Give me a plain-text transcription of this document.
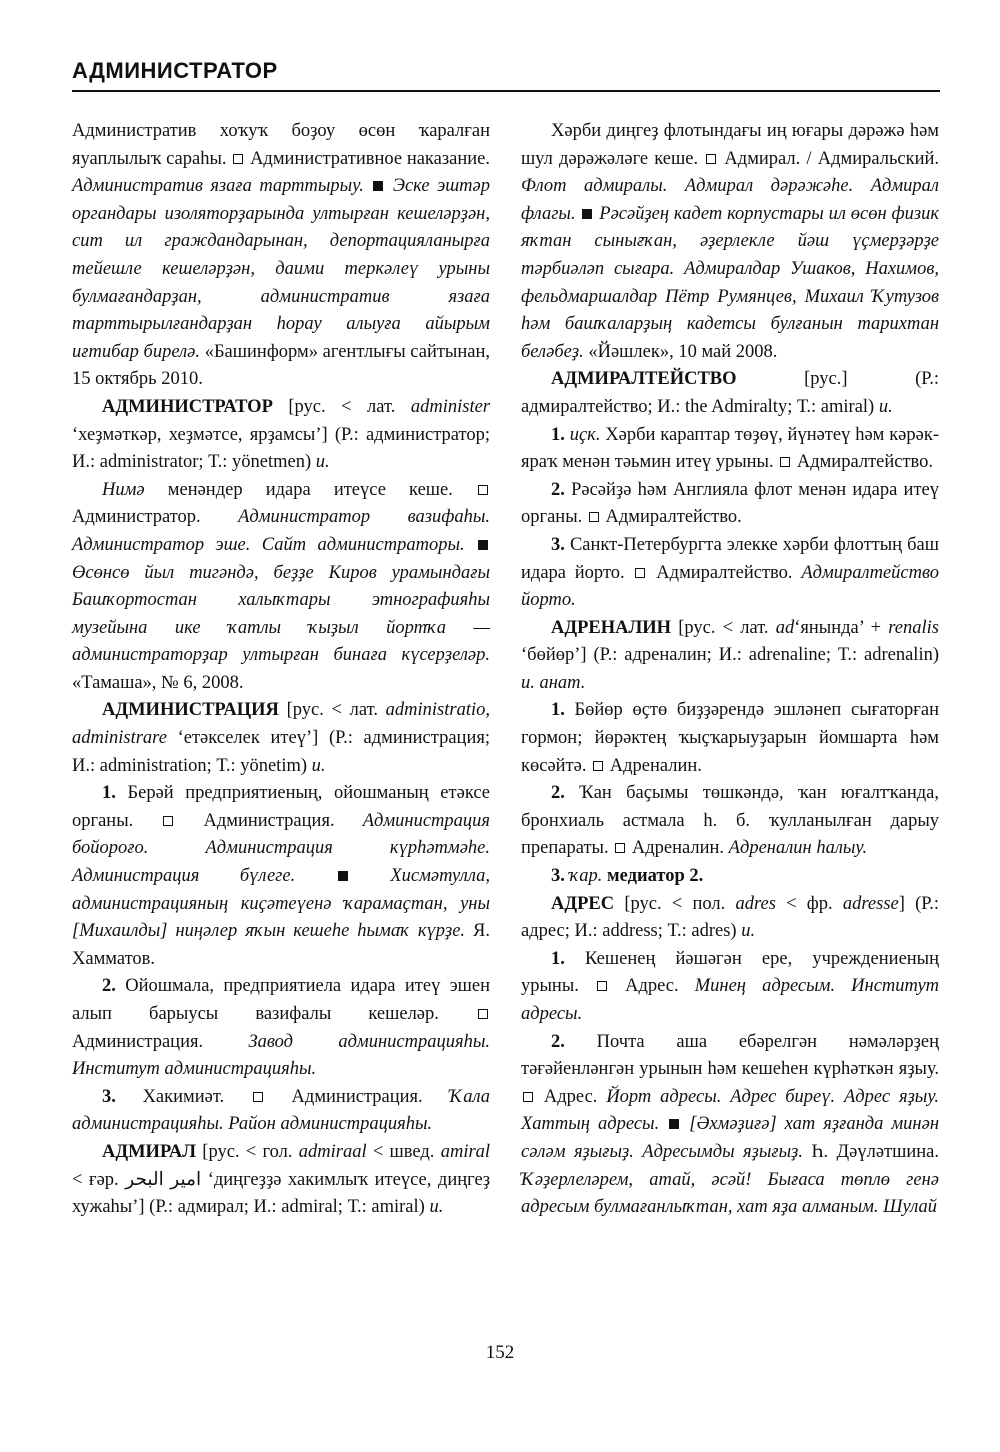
АДМИНИСТРАТОР

Административ хоҡуҡ боҙоу өсөн ҡаралған яуаплылыҡ сараһы. Административное наказание. Административ язаға тарттырыу. Эске эштәр органдары изоляторҙарында ултырған кешеләрҙән, сит ил граждандарынан, депортацияланырға тейешле кешеләрҙән, даими теркәлеү урыны булмағандарҙан, административ язаға тарттырылғандарҙан һорау алыуға айырым иғтибар бирелә. «Башинформ» агентлығы сайтынан, 15 октябрь 2010.

АДМИНИСТРАТОР [рус. < лат. administer ‘хеҙмәткәр, хеҙмәтсе, ярҙамсы’] (Р.: администратор; И.: administrator; Т.: yönetmen) и.

Нимә менәндер идара итеүсе кеше.  Администратор. Администратор вазифаһы. Администратор эше. Сайт администраторы.  Өсөнсө йыл тигәндә, беҙҙе Киров урамындағы Башҡортостан халыҡтары этнографияһы музейына ике ҡатлы ҡыҙыл йортҡа — администраторҙар ултырған бинаға күсерҙеләр. «Тамаша», № 6, 2008.

АДМИНИСТРАЦИЯ [рус. < лат. administratio, administrare ‘етәкселек итеү’] (Р.: администрация; И.: administration; Т.: yönetim) и.

1. Берәй предприятиеның, ойошманың етәксе органы.	Администрация. Администрация бойороғо. Администрация күрһәтмәһе. Администрация бүлеге.	Хисмәтулла, администрацияның киҫәтеүенә ҡарамаҫтан, уны [Михаилды] ниңәлер яҡын кешеһе һымаҡ күрҙе. Я. Хамматов.

2. Ойошмала, предприятиела идара итеү эшен алып барыусы вазифалы кешеләр.  Администрация. Завод администрацияһы. Институт администрацияһы.

3. Хакимиәт.	Администрация. Ҡала администрацияһы. Район администрацияһы.

АДМИРАЛ [рус. < гол. admiraal < швед. amiral < ғәр. امير البحر ‘диңгеҙҙә хакимлыҡ итеүсе, диңгеҙ хужаһы’] (Р.: адмирал; И.: admiral; Т.: amiral) и.

Хәрби диңгеҙ флотындағы иң юғары дәрәжә һәм шул дәрәжәләге кеше. Адмирал. / Адмиральский. Флот адмиралы. Адмирал дәрәжәһе. Адмирал флагы. Рәсәйҙең кадет корпустары ил өсөн физик яҡтан сынығҡан, әҙерлекле йәш үҫмерҙәрҙе тәрбиәләп сығара. Адмиралдар Ушаков, Нахимов, фельдмаршалдар Пётр Румянцев, Михаил Ҡутузов һәм башҡаларҙың кадетсы булғанын тарихтан беләбеҙ. «Йәшлек», 10 май 2008.

АДМИРАЛТЕЙСТВО	[рус.] (Р.: адмиралтейство; И.: the Admiralty; Т.: amiral) и.

1. иҫк. Хәрби караптар төҙөү, йүнәтеү һәм кәрәк-яраҡ менән тәьмин итеү урыны. Адмиралтейство.

2. Рәсәйҙә һәм Англияла флот менән идара итеү органы. Адмиралтейство.

3. Санкт-Петербургта элекке хәрби флоттың баш идара йорто. Адмиралтейство. Адмиралтейство йорто.

АДРЕНАЛИН [рус. < лат. ad‘янында’ + renalis ‘бөйөр’] (Р.: адреналин; И.: adrenaline; Т.: adrenalin) и. анат.

1. Бөйөр өҫтө биҙҙәрендә эшләнеп сығаторған гормон; йөрәктең ҡыҫҡарыуҙарын йомшарта һәм көсәйтә. Адреналин.

2. Ҡан баҫымы төшкәндә, ҡан юғалтҡанда, бронхиаль астмала һ. б. ҡулланылған дарыу препараты. Адреналин. Адреналин һалыу.

3. ҡар. медиатор 2.

АДРЕС [рус. < пол. adres < фр. adresse] (Р.: адрес; И.: address; Т.: adres) и.

1. Кешенең йәшәгән ере, учреждениеның урыны. Адрес. Минең адресым. Институт адресы.

2. Почта аша ебәрелгән нәмәләрҙең тәғәйенләнгән урынын һәм кешеһен күрһәткән яҙыу.  Адрес. Йорт адресы. Адрес биреү. Адрес яҙыу. Хаттың адресы. [Әхмәҙиғә] хат яҙғанда минән сәләм яҙығыҙ. Адресымды яҙығыҙ. Һ. Дәүләтшина. Ҡәҙерлеләрем, атай, әсәй! Бығаса төплө генә адресым булмағанлыҡтан, хат яҙа алманым. Шулай

152
